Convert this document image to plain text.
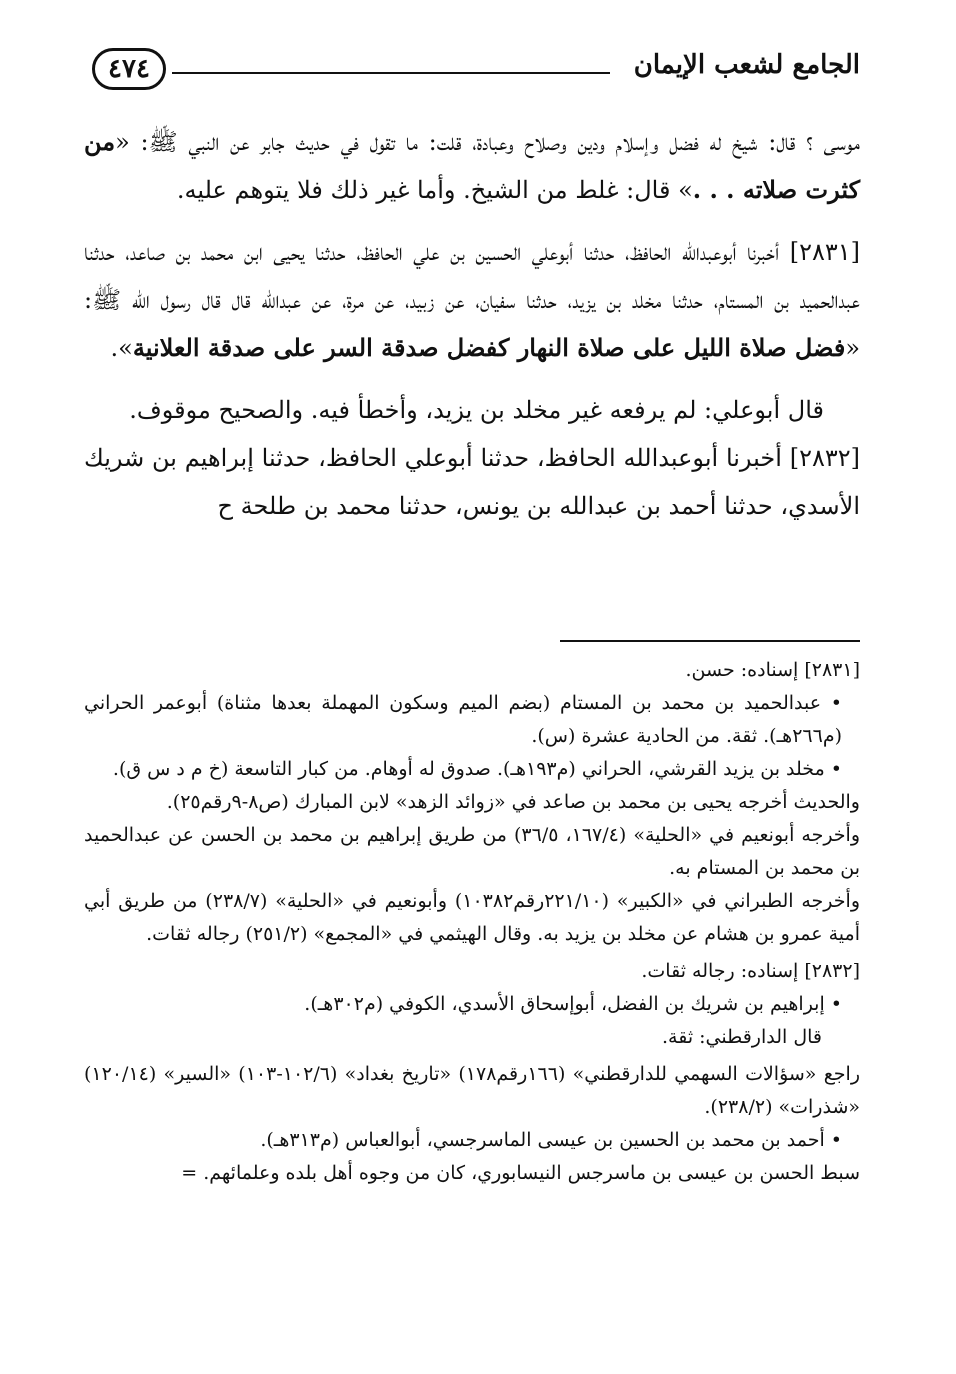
الجامع لشعب الإيمان
٤٧٤

موسى ؟ قال: شيخ له فضل وإسلام ودين وصلاح وعبادة، قلت: ما تقول في حديث جابر عن النبي ﷺ: «من كثرت صلاته . . .» قال: غلط من الشيخ. وأما غير ذلك فلا يتوهم عليه.

[٢٨٣١] أخبرنا أبوعبدالله الحافظ، حدثنا أبوعلي الحسين بن علي الحافظ، حدثنا يحيى ابن محمد بن صاعد، حدثنا عبدالحميد بن المستام، حدثنا مخلد بن يزيد، حدثنا سفيان، عن زبيد، عن مرة، عن عبدالله قال قال رسول الله ﷺ: «فضل صلاة الليل على صلاة النهار كفضل صدقة السر على صدقة العلانية».

قال أبوعلي: لم يرفعه غير مخلد بن يزيد، وأخطأ فيه. والصحيح موقوف.

[٢٨٣٢] أخبرنا أبوعبدالله الحافظ، حدثنا أبوعلي الحافظ، حدثنا إبراهيم بن شريك الأسدي، حدثنا أحمد بن عبدالله بن يونس، حدثنا محمد بن طلحة ح

[٢٨٣١] إسناده: حسن.

• عبدالحميد بن محمد بن المستام (بضم الميم وسكون المهملة بعدها مثناة) أبوعمر الحراني (م٢٦٦هـ). ثقة. من الحادية عشرة (س).

• مخلد بن يزيد القرشي، الحراني (م١٩٣هـ). صدوق له أوهام. من كبار التاسعة (خ م د س ق).

والحديث أخرجه يحيى بن محمد بن صاعد في «زوائد الزهد» لابن المبارك (ص٨-٩رقم٢٥).

وأخرجه أبونعيم في «الحلية» (١٦٧/٤، ٣٦/٥) من طريق إبراهيم بن محمد بن الحسن عن عبدالحميد بن محمد بن المستام به.

وأخرجه الطبراني في «الكبير» (٢٢١/١٠رقم١٠٣٨٢) وأبونعيم في «الحلية» (٢٣٨/٧) من طريق أبي أمية عمرو بن هشام عن مخلد بن يزيد به. وقال الهيثمي في «المجمع» (٢٥١/٢) رجاله ثقات.

[٢٨٣٢] إسناده: رجاله ثقات.

• إبراهيم بن شريك بن الفضل، أبوإسحاق الأسدي، الكوفي (م٣٠٢هـ).

قال الدارقطني: ثقة.

راجع «سؤالات السهمي للدارقطني» (١٦٦رقم١٧٨) «تاريخ بغداد» (١٠٢/٦-١٠٣) «السير» (١٢٠/١٤) «شذرات» (٢٣٨/٢).

• أحمد بن محمد بن الحسين بن عيسى الماسرجسي، أبوالعباس (م٣١٣هـ).

سبط الحسن بن عيسى بن ماسرجس النيسابوري، كان من وجوه أهل بلده وعلمائهم. =
